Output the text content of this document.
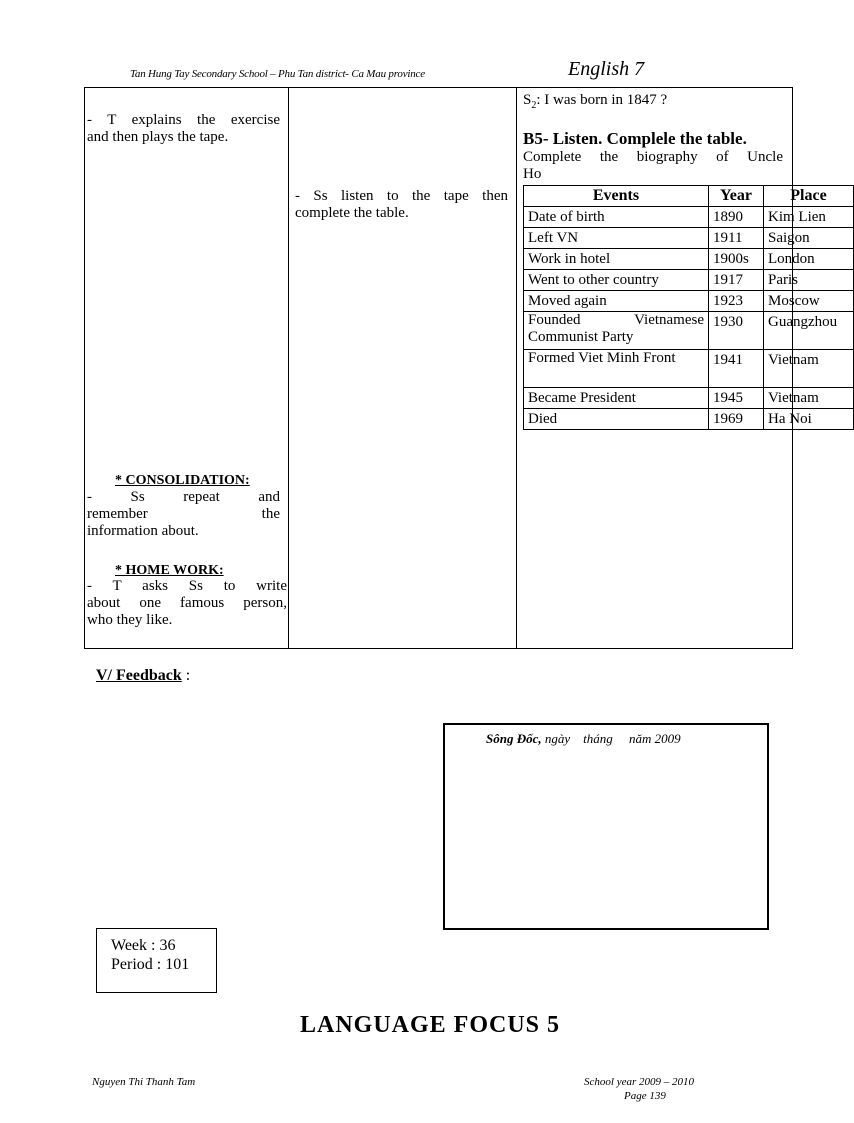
Tan Hung Tay Secondary School – Phu Tan district- Ca Mau province	English 7
- T explains the exercise
and then plays the tape.
* CONSOLIDATION:
- Ss repeat and
remember the
information about.
* HOME WORK:
- T asks Ss to write
about one famous person,
who they like.
- Ss listen to the tape then
complete the table.
$S_2$: I was born in 1847 ?
B5- Listen. Complele the table.
Complete the biography of Uncle
Ho
Events	Year	Place
Date of birth	1890	Kim Lien
Left VN	1911	Saigon
Work in hotel	1900s	London
Went to other country	1917	Paris
Moved again	1923	Moscow
Founded Vietnamese Communist Party	1930	Guangzhou
Formed Viet Minh Front	1941	Vietnam
Became President	1945	Vietnam
Died	1969	Ha Noi
V/ Feedback :
Sông Đốc, ngày    tháng     năm 2009
Week : 36
Period : 101
LANGUAGE FOCUS 5
Nguyen Thi Thanh Tam	School year 2009 – 2010
Page 139
